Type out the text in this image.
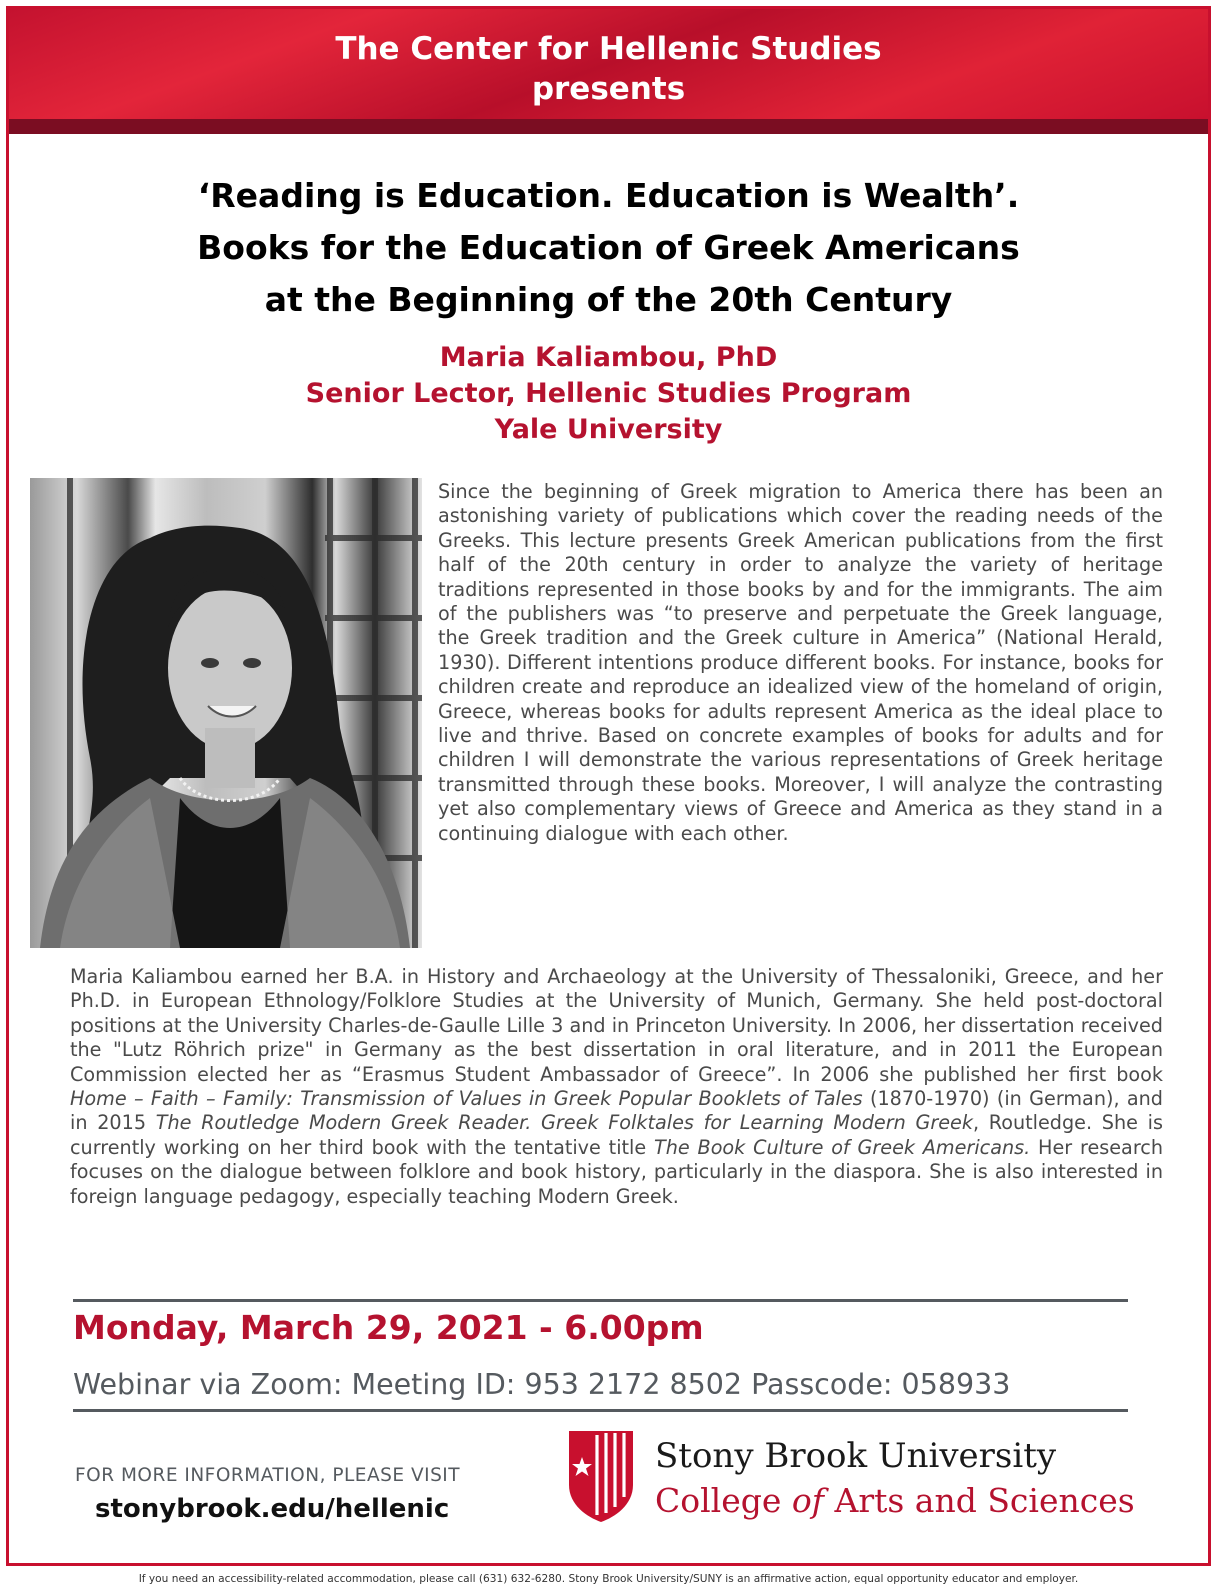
The Center for Hellenic Studies
presents
‘Reading is Education. Education is Wealth’.
Books for the Education of Greek Americans
at the Beginning of the 20th Century
Maria Kaliambou, PhD
Senior Lector, Hellenic Studies Program
Yale University
Since the beginning of Greek migration to America there has been an astonishing variety of publications which cover the reading needs of the Greeks. This lecture presents Greek American publications from the first half of the 20th century in order to analyze the variety of heritage traditions represented in those books by and for the immigrants. The aim of the publishers was “to preserve and perpetuate the Greek language, the Greek tradition and the Greek culture in America” (National Herald, 1930). Different intentions produce different books. For instance, books for children create and reproduce an idealized view of the homeland of origin, Greece, whereas books for adults represent America as the ideal place to live and thrive. Based on concrete examples of books for adults and for children I will demonstrate the various representations of Greek heritage transmitted through these books. Moreover, I will analyze the contrasting yet also complementary views of Greece and America as they stand in a continuing dialogue with each other.
Maria Kaliambou earned her B.A. in History and Archaeology at the University of Thessaloniki, Greece, and her Ph.D. in European Ethnology/Folklore Studies at the University of Munich, Germany. She held post-doctoral positions at the University Charles-de-Gaulle Lille 3 and in Princeton University. In 2006, her dissertation received the "Lutz Röhrich prize" in Germany as the best dissertation in oral literature, and in 2011 the European Commission elected her as “Erasmus Student Ambassador of Greece”. In 2006 she published her first book Home – Faith – Family: Transmission of Values in Greek Popular Booklets of Tales (1870-1970) (in German), and in 2015 The Routledge Modern Greek Reader. Greek Folktales for Learning Modern Greek, Routledge. She is currently working on her third book with the tentative title The Book Culture of Greek Americans. Her research focuses on the dialogue between folklore and book history, particularly in the diaspora. She is also interested in foreign language pedagogy, especially teaching Modern Greek.
Monday, March 29, 2021 - 6.00pm
Webinar via Zoom: Meeting ID: 953 2172 8502 Passcode: 058933
FOR MORE INFORMATION, PLEASE VISIT
stonybrook.edu/hellenic
Stony Brook University
College of Arts and Sciences
If you need an accessibility-related accommodation, please call (631) 632-6280. Stony Brook University/SUNY is an affirmative action, equal opportunity educator and employer.
